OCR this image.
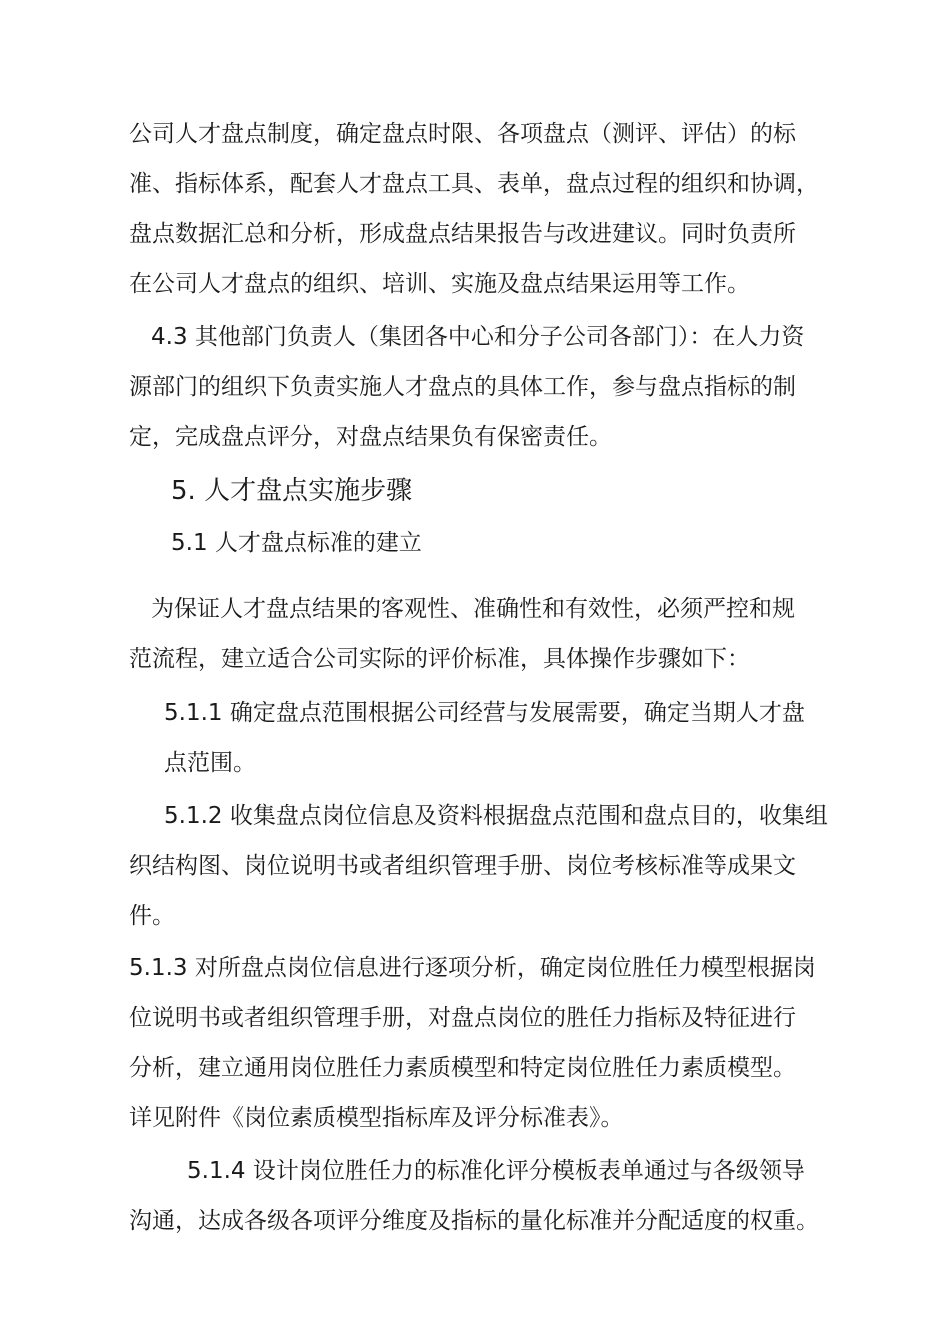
公司人才盘点制度，确定盘点时限、各项盘点（测评、评估）的标
准、指标体系，配套人才盘点工具、表单，盘点过程的组织和协调，
盘点数据汇总和分析，形成盘点结果报告与改进建议。同时负责所
在公司人才盘点的组织、培训、实施及盘点结果运用等工作。
4.3 其他部门负责人（集团各中心和分子公司各部门）：在人力资
源部门的组织下负责实施人才盘点的具体工作，参与盘点指标的制
定，完成盘点评分，对盘点结果负有保密责任。
5. 人才盘点实施步骤
5.1 人才盘点标准的建立
为保证人才盘点结果的客观性、准确性和有效性，必须严控和规
范流程，建立适合公司实际的评价标准，具体操作步骤如下：
5.1.1 确定盘点范围根据公司经营与发展需要，确定当期人才盘
点范围。
5.1.2 收集盘点岗位信息及资料根据盘点范围和盘点目的，收集组
织结构图、岗位说明书或者组织管理手册、岗位考核标准等成果文
件。
5.1.3 对所盘点岗位信息进行逐项分析，确定岗位胜任力模型根据岗
位说明书或者组织管理手册，对盘点岗位的胜任力指标及特征进行
分析，建立通用岗位胜任力素质模型和特定岗位胜任力素质模型。
详见附件《岗位素质模型指标库及评分标准表》。
5.1.4 设计岗位胜任力的标准化评分模板表单通过与各级领导
沟通，达成各级各项评分维度及指标的量化标准并分配适度的权重。
